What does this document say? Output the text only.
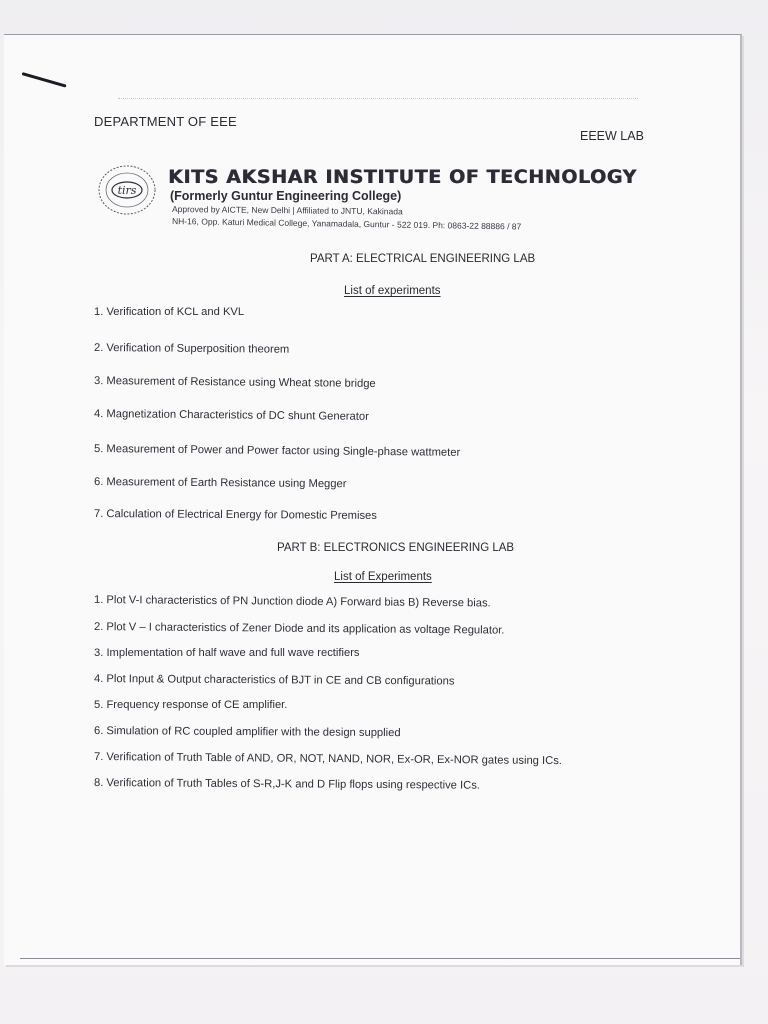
DEPARTMENT OF EEE
EEEW LAB
tirs
KITS AKSHAR INSTITUTE OF TECHNOLOGY
(Formerly Guntur Engineering College)
Approved by AICTE, New Delhi | Affiliated to JNTU, Kakinada
NH-16, Opp. Katuri Medical College, Yanamadala, Guntur - 522 019. Ph: 0863-22 88886 / 87
PART A: ELECTRICAL ENGINEERING LAB
List of experiments
1. Verification of KCL and KVL
2. Verification of Superposition theorem
3. Measurement of Resistance using Wheat stone bridge
4. Magnetization Characteristics of DC shunt Generator
5. Measurement of Power and Power factor using Single-phase wattmeter
6. Measurement of Earth Resistance using Megger
7. Calculation of Electrical Energy for Domestic Premises
PART B: ELECTRONICS ENGINEERING LAB
List of Experiments
1. Plot V-I characteristics of PN Junction diode A) Forward bias B) Reverse bias.
2. Plot V – I characteristics of Zener Diode and its application as voltage Regulator.
3. Implementation of half wave and full wave rectifiers
4. Plot Input & Output characteristics of BJT in CE and CB configurations
5. Frequency response of CE amplifier.
6. Simulation of RC coupled amplifier with the design supplied
7. Verification of Truth Table of AND, OR, NOT, NAND, NOR, Ex-OR, Ex-NOR gates using ICs.
8. Verification of Truth Tables of S-R,J-K and D Flip flops using respective ICs.
